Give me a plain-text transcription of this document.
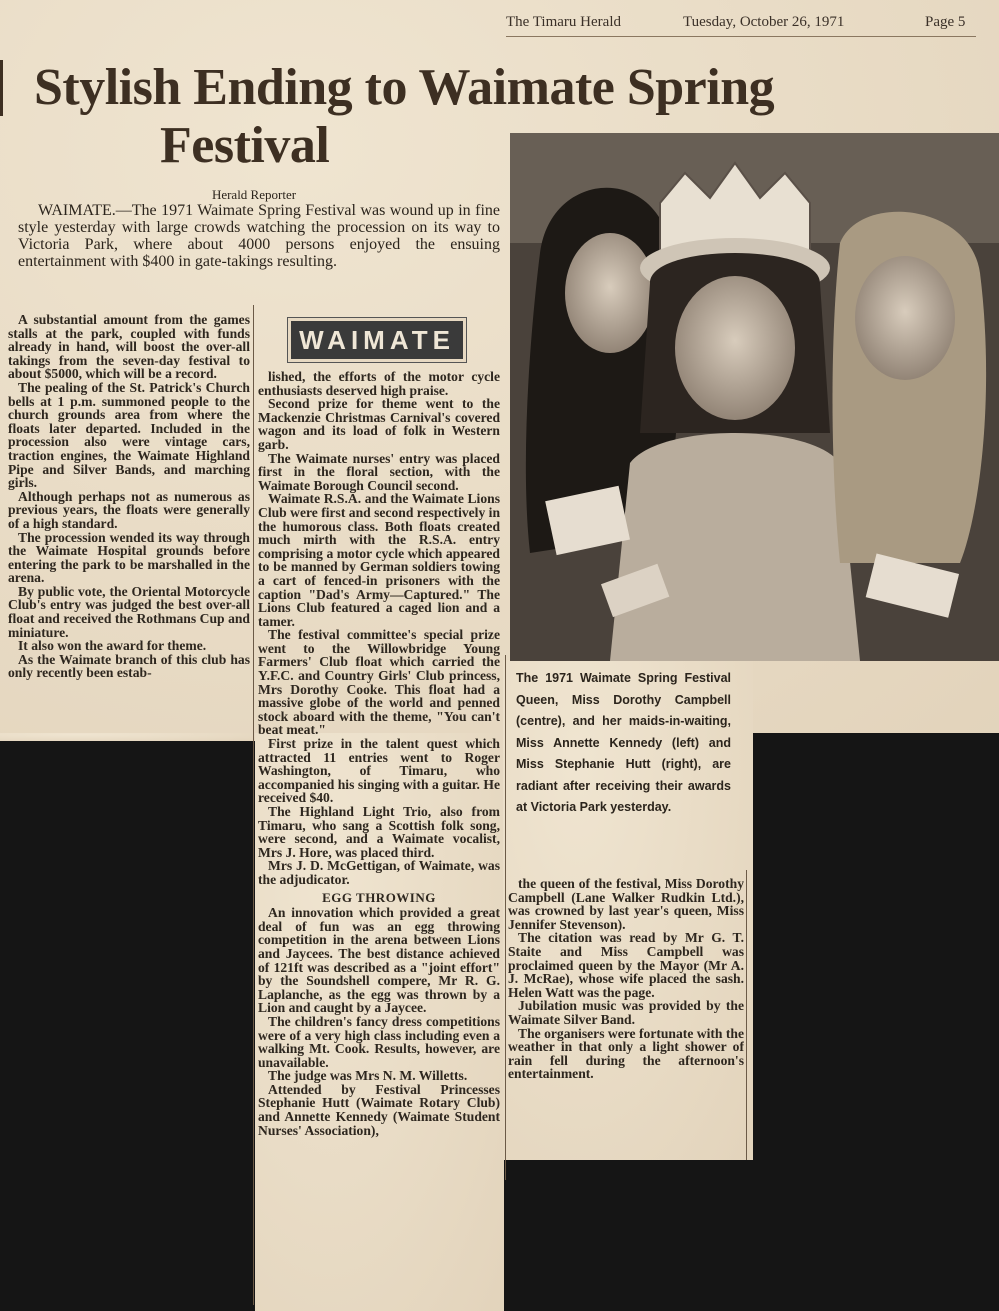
The Timaru Herald	Tuesday, October 26, 1971	Page 5
Stylish Ending to Waimate Spring
Festival
Herald Reporter

WAIMATE.—The 1971 Waimate Spring Festival was wound up in fine style yesterday with large crowds watching the procession on its way to Victoria Park, where about 4000 persons enjoyed the ensuing entertainment with $400 in gate-takings resulting.

A substantial amount from the games stalls at the park, coupled with funds already in hand, will boost the over-all takings from the seven-day festival to about $5000, which will be a record.

The pealing of the St. Patrick's Church bells at 1 p.m. summoned people to the church grounds area from where the floats later departed. Included in the procession also were vintage cars, traction engines, the Waimate Highland Pipe and Silver Bands, and marching girls.

Although perhaps not as numerous as previous years, the floats were generally of a high standard.

The procession wended its way through the Waimate Hospital grounds before entering the park to be marshalled in the arena.

By public vote, the Oriental Motorcycle Club's entry was judged the best over-all float and received the Rothmans Cup and miniature.

It also won the award for theme.

As the Waimate branch of this club has only recently been estab-

WAIMATE

lished, the efforts of the motor cycle enthusiasts deserved high praise.

Second prize for theme went to the Mackenzie Christmas Carnival's covered wagon and its load of folk in Western garb.

The Waimate nurses' entry was placed first in the floral section, with the Waimate Borough Council second.

Waimate R.S.A. and the Waimate Lions Club were first and second respectively in the humorous class. Both floats created much mirth with the R.S.A. entry comprising a motor cycle which appeared to be manned by German soldiers towing a cart of fenced-in prisoners with the caption "Dad's Army—Captured." The Lions Club featured a caged lion and a tamer.

The festival committee's special prize went to the Willowbridge Young Farmers' Club float which carried the Y.F.C. and Country Girls' Club princess, Mrs Dorothy Cooke. This float had a massive globe of the world and penned stock aboard with the theme, "You can't beat meat."

First prize in the talent quest which attracted 11 entries went to Roger Washington, of Timaru, who accompanied his singing with a guitar. He received $40.

The Highland Light Trio, also from Timaru, who sang a Scottish folk song, were second, and a Waimate vocalist, Mrs J. Hore, was placed third.

Mrs J. D. McGettigan, of Waimate, was the adjudicator.

EGG THROWING

An innovation which provided a great deal of fun was an egg throwing competition in the arena between Lions and Jaycees. The best distance achieved of 121ft was described as a "joint effort" by the Soundshell compere, Mr R. G. Laplanche, as the egg was thrown by a Lion and caught by a Jaycee.

The children's fancy dress competitions were of a very high class including even a walking Mt. Cook. Results, however, are unavailable.

The judge was Mrs N. M. Willetts.

Attended by Festival Princesses Stephanie Hutt (Waimate Rotary Club) and Annette Kennedy (Waimate Student Nurses' Association),

The 1971 Waimate Spring Festival Queen, Miss Dorothy Campbell (centre), and her maids-in-waiting, Miss Annette Kennedy (left) and Miss Stephanie Hutt (right), are radiant after receiving their awards at Victoria Park yesterday.

the queen of the festival, Miss Dorothy Campbell (Lane Walker Rudkin Ltd.), was crowned by last year's queen, Miss Jennifer Stevenson).

The citation was read by Mr G. T. Staite and Miss Campbell was proclaimed queen by the Mayor (Mr A. J. McRae), whose wife placed the sash. Helen Watt was the page.

Jubilation music was provided by the Waimate Silver Band.

The organisers were fortunate with the weather in that only a light shower of rain fell during the afternoon's entertainment.
